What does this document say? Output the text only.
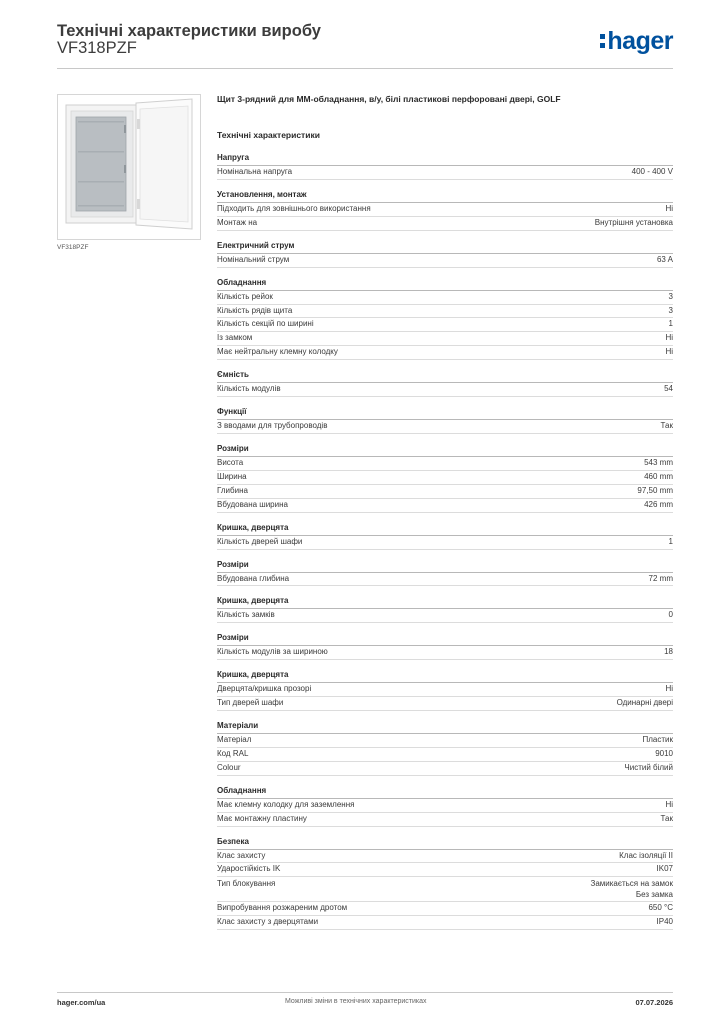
Технічні характеристики виробу
VF318PZF	hager
VF318PZF
Щит 3-рядний для ММ-обладнання, в/у, білі пластикові перфоровані двері, GOLF
Технічні характеристики
Напруга
Номінальна напруга	400 - 400 V
Установлення, монтаж
Підходить для зовнішнього використання	Ні
Монтаж на	Внутрішня установка
Електричний струм
Номінальний струм	63 A
Обладнання
Кількість рейок	3
Кількість рядів щита	3
Кількість секцій по ширині	1
Із замком	Ні
Має нейтральну клемну колодку	Ні
Ємність
Кількість модулів	54
Функції
З вводами для трубопроводів	Так
Розміри
Висота	543 mm
Ширина	460 mm
Глибина	97,50 mm
Вбудована ширина	426 mm
Кришка, дверцята
Кількість дверей шафи	1
Розміри
Вбудована глибина	72 mm
Кришка, дверцята
Кількість замків	0
Розміри
Кількість модулів за шириною	18
Кришка, дверцята
Дверцята/кришка прозорі	Ні
Тип дверей шафи	Одинарні двері
Матеріали
Матеріал	Пластик
Код RAL	9010
Colour	Чистий білий
Обладнання
Має клемну колодку для заземлення	Ні
Має монтажну пластину	Так
Безпека
Клас захисту	Клас ізоляції II
Ударостійкість IK	IK07
Тип блокування	Замикається на замок
Без замка
Випробування розжареним дротом	650 °C
Клас захисту з дверцятами	IP40
hager.com/ua	Можливі зміни в технічних характеристиках	07.07.2026
